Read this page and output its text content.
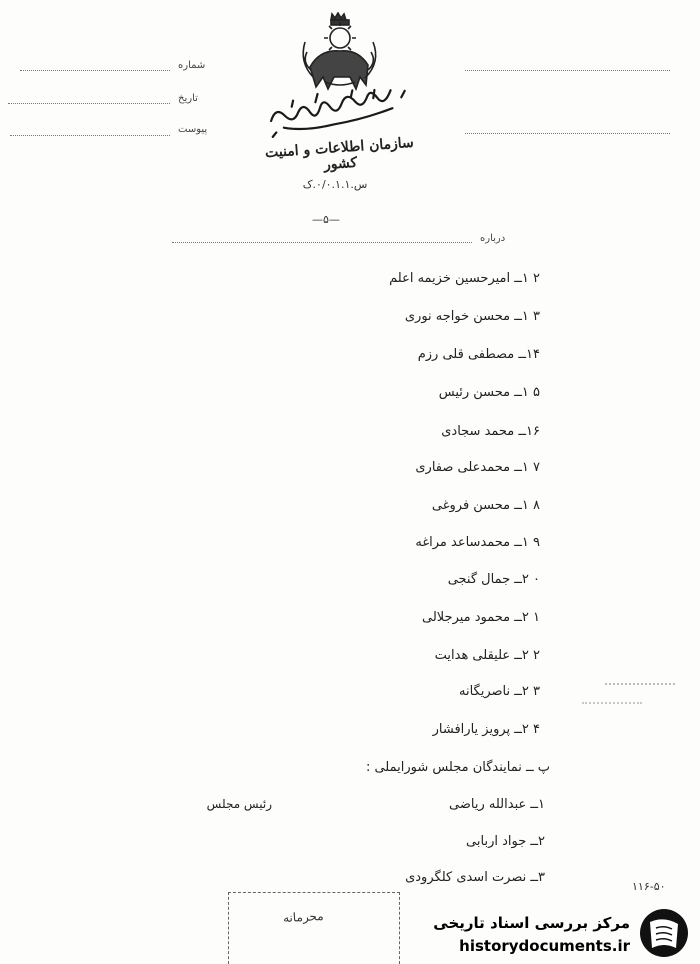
شماره
تاریخ
پیوست
سازمان اطلاعات و امنیت کشور
س.۰/۰.۱.۱.ک
—۵—
درباره
۲ ۱ــ امیرحسین خزیمه اعلم
۳ ۱ــ محسن خواجه نوری
۱۴ــ مصطفی قلی رزم
۵ ۱ــ محسن رئیس
۱۶ــ محمد سجادی
۷ ۱ــ محمدعلی صفاری
۸ ۱ــ محسن فروغی
۹ ۱ــ محمدساعد مراغه
۰ ۲ــ جمال گنجی
۱ ۲ــ محمود میرجلالی
۲ ۲ــ علیقلی هدایت
۳ ۲ــ ناصریگانه
۴ ۲ــ پرویز یارافشار
پ ــ نمایندگان مجلس شورایملی :
۱ــ عبدالله ریاضی
رئیس مجلس
۲ــ جواد اربابی
۳ــ نصرت اسدی کلگرودی
محرمانه
۱۱۶-۵۰
مرکز بررسی اسناد تاریخی
historydocuments.ir
